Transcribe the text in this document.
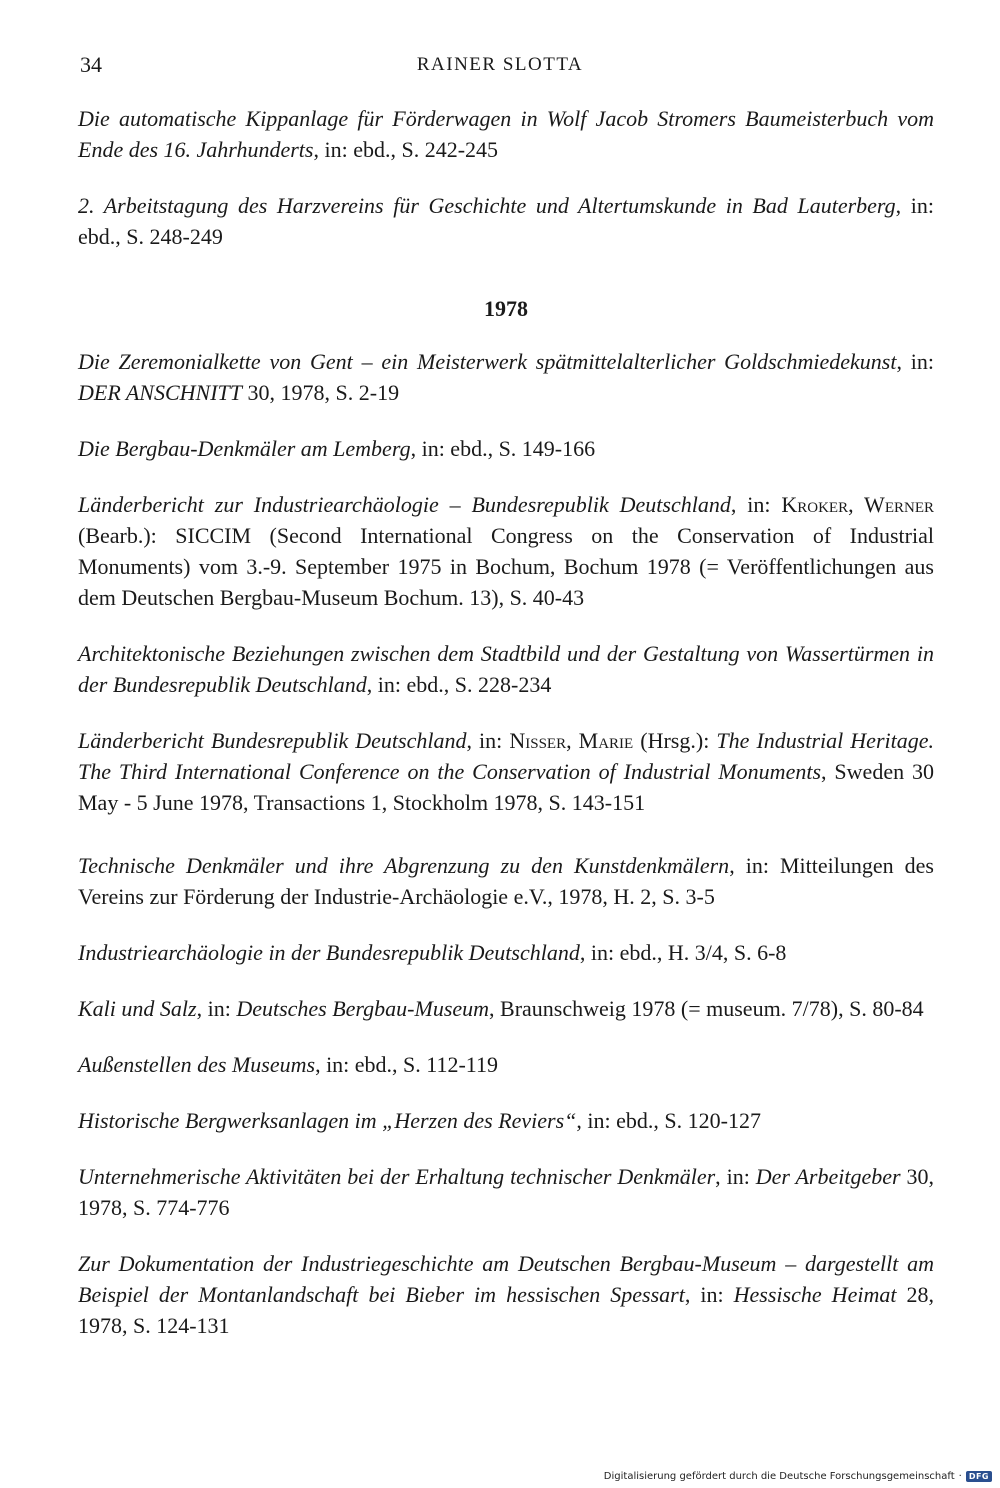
34	RAINER SLOTTA

Die automatische Kippanlage für Förderwagen in Wolf Jacob Stromers Baumeisterbuch vom Ende des 16. Jahrhunderts, in: ebd., S. 242-245

2. Arbeitstagung des Harzvereins für Geschichte und Altertumskunde in Bad Lauterberg, in: ebd., S. 248-249

1978

Die Zeremonialkette von Gent – ein Meisterwerk spätmittelalterlicher Goldschmiedekunst, in: DER ANSCHNITT 30, 1978, S. 2-19

Die Bergbau-Denkmäler am Lemberg, in: ebd., S. 149-166

Länderbericht zur Industriearchäologie – Bundesrepublik Deutschland, in: Kroker, Werner (Bearb.): SICCIM (Second International Congress on the Conservation of Industrial Monuments) vom 3.-9. September 1975 in Bochum, Bochum 1978 (= Veröffentlichungen aus dem Deutschen Bergbau-Museum Bochum. 13), S. 40-43

Architektonische Beziehungen zwischen dem Stadtbild und der Gestaltung von Wassertürmen in der Bundesrepublik Deutschland, in: ebd., S. 228-234

Länderbericht Bundesrepublik Deutschland, in: Nisser, Marie (Hrsg.): The Industrial Heritage. The Third International Conference on the Conservation of Industrial Monuments, Sweden 30 May - 5 June 1978, Transactions 1, Stockholm 1978, S. 143-151

Technische Denkmäler und ihre Abgrenzung zu den Kunstdenkmälern, in: Mitteilungen des Vereins zur Förderung der Industrie-Archäologie e.V., 1978, H. 2, S. 3-5

Industriearchäologie in der Bundesrepublik Deutschland, in: ebd., H. 3/4, S. 6-8

Kali und Salz, in: Deutsches Bergbau-Museum, Braunschweig 1978 (= museum. 7/78), S. 80-84

Außenstellen des Museums, in: ebd., S. 112-119

Historische Bergwerksanlagen im „Herzen des Reviers“, in: ebd., S. 120-127

Unternehmerische Aktivitäten bei der Erhaltung technischer Denkmäler, in: Der Arbeitgeber 30, 1978, S. 774-776

Zur Dokumentation der Industriegeschichte am Deutschen Bergbau-Museum – dargestellt am Beispiel der Montanlandschaft bei Bieber im hessischen Spessart, in: Hessische Heimat 28, 1978, S. 124-131

Digitalisierung gefördert durch die Deutsche Forschungsgemeinschaft · DFG
